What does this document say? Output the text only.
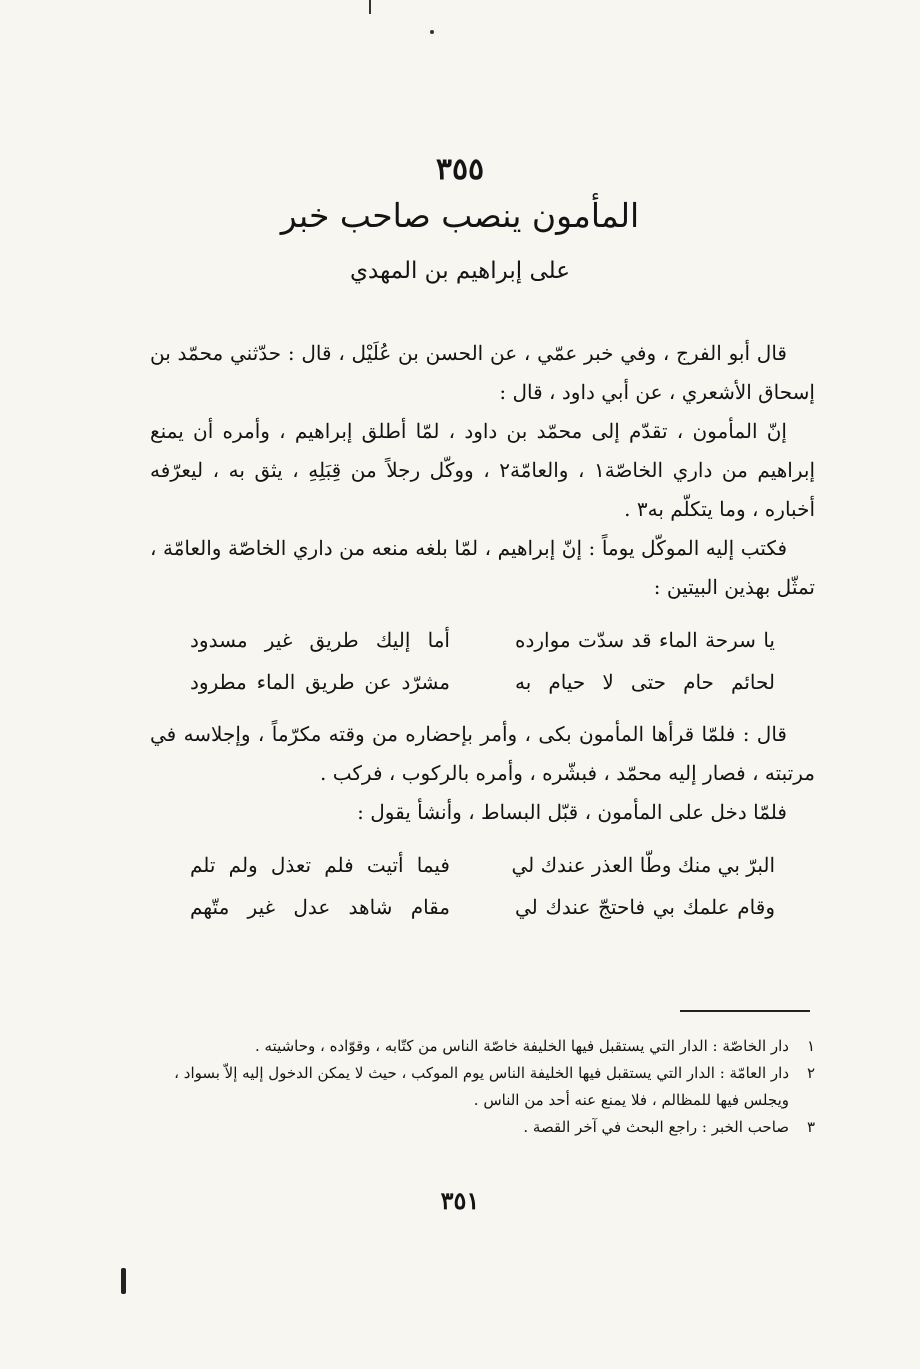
٣٥٥
المأمون ينصب صاحب خبر
على إبراهيم بن المهدي

قال أبو الفرج ، وفي خبر عمّي ، عن الحسن بن عُلَيْل ، قال : حدّثني محمّد بن إسحاق الأشعري ، عن أبي داود ، قال :

إنّ المأمون ، تقدّم إلى محمّد بن داود ، لمّا أطلق إبراهيم ، وأمره أن يمنع إبراهيم من داري الخاصّة١ ، والعامّة٢ ، ووكّل رجلاً من قِبَلِهِ ، يثق به ، ليعرّفه أخباره ، وما يتكلّم به٣ .

فكتب إليه الموكّل يوماً : إنّ إبراهيم ، لمّا بلغه منعه من داري الخاصّة والعامّة ، تمثّل بهذين البيتين :

يا سرحة الماء قد سدّت موارده
أما إليك طريق غير مسدود
لحائم حام حتى لا حيام به
مشرّد عن طريق الماء مطرود

قال : فلمّا قرأها المأمون بكى ، وأمر بإحضاره من وقته مكرّماً ، وإجلاسه في مرتبته ، فصار إليه محمّد ، فبشّره ، وأمره بالركوب ، فركب .

فلمّا دخل على المأمون ، قبّل البساط ، وأنشأ يقول :

البرّ بي منك وطّا العذر عندك لي
فيما أتيت فلم تعذل ولم تلم
وقام علمك بي فاحتجّ عندك لي
مقام شاهد عدل غير متّهم
١
دار الخاصّة : الدار التي يستقبل فيها الخليفة خاصّة الناس من كتّابه ، وقوّاده ، وحاشيته .
٢
دار العامّة : الدار التي يستقبل فيها الخليفة الناس يوم الموكب ، حيث لا يمكن الدخول إليه إلاّ بسواد ، ويجلس فيها للمظالم ، فلا يمنع عنه أحد من الناس .
٣
صاحب الخبر : راجع البحث في آخر القصة .
٣٥١
